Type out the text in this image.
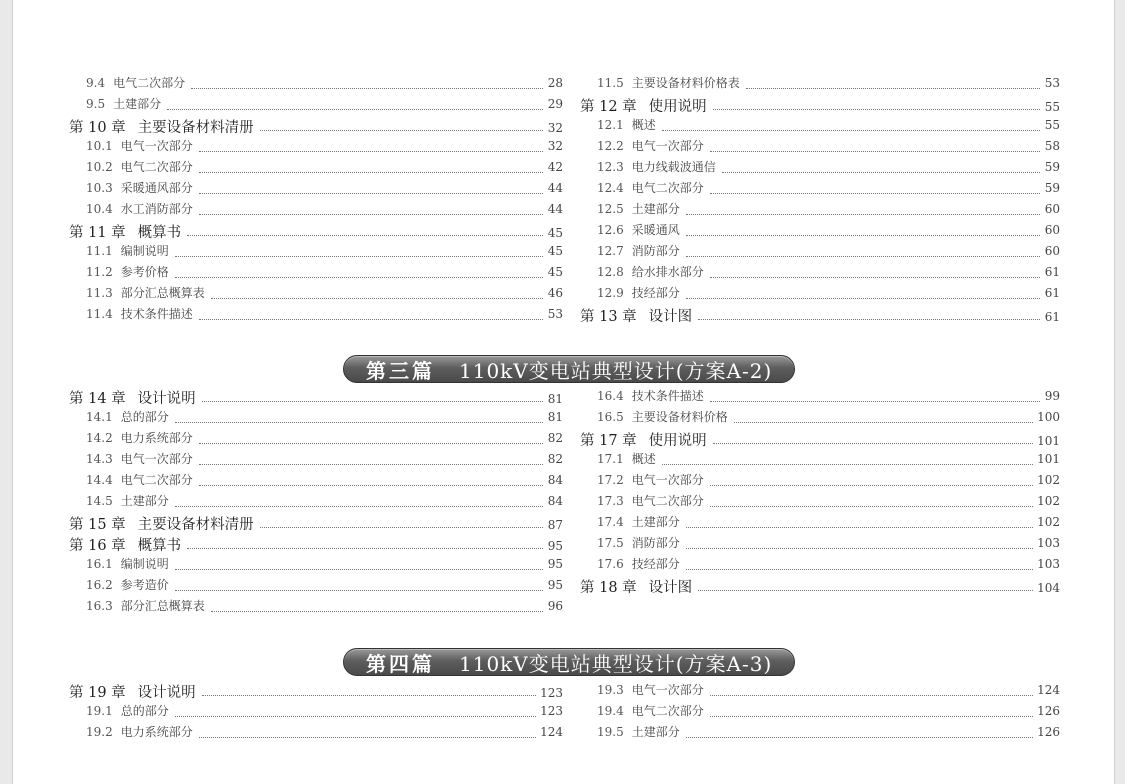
9.4 电气二次部分	28
9.5 土建部分	29
第 10 章 主要设备材料清册	32
10.1 电气一次部分	32
10.2 电气二次部分	42
10.3 采暖通风部分	44
10.4 水工消防部分	44
第 11 章 概算书	45
11.1 编制说明	45
11.2 参考价格	45
11.3 部分汇总概算表	46
11.4 技术条件描述	53
11.5 主要设备材料价格表	53
第 12 章 使用说明	55
12.1 概述	55
12.2 电气一次部分	58
12.3 电力线载波通信	59
12.4 电气二次部分	59
12.5 土建部分	60
12.6 采暖通风	60
12.7 消防部分	60
12.8 给水排水部分	61
12.9 技经部分	61
第 13 章 设计图	61
第三篇 110kV变电站典型设计(方案A-2)
第 14 章 设计说明	81
14.1 总的部分	81
14.2 电力系统部分	82
14.3 电气一次部分	82
14.4 电气二次部分	84
14.5 土建部分	84
第 15 章 主要设备材料清册	87
第 16 章 概算书	95
16.1 编制说明	95
16.2 参考造价	95
16.3 部分汇总概算表	96
16.4 技术条件描述	99
16.5 主要设备材料价格	100
第 17 章 使用说明	101
17.1 概述	101
17.2 电气一次部分	102
17.3 电气二次部分	102
17.4 土建部分	102
17.5 消防部分	103
17.6 技经部分	103
第 18 章 设计图	104
第四篇 110kV变电站典型设计(方案A-3)
第 19 章 设计说明	123
19.1 总的部分	123
19.2 电力系统部分	124
19.3 电气一次部分	124
19.4 电气二次部分	126
19.5 土建部分	126
